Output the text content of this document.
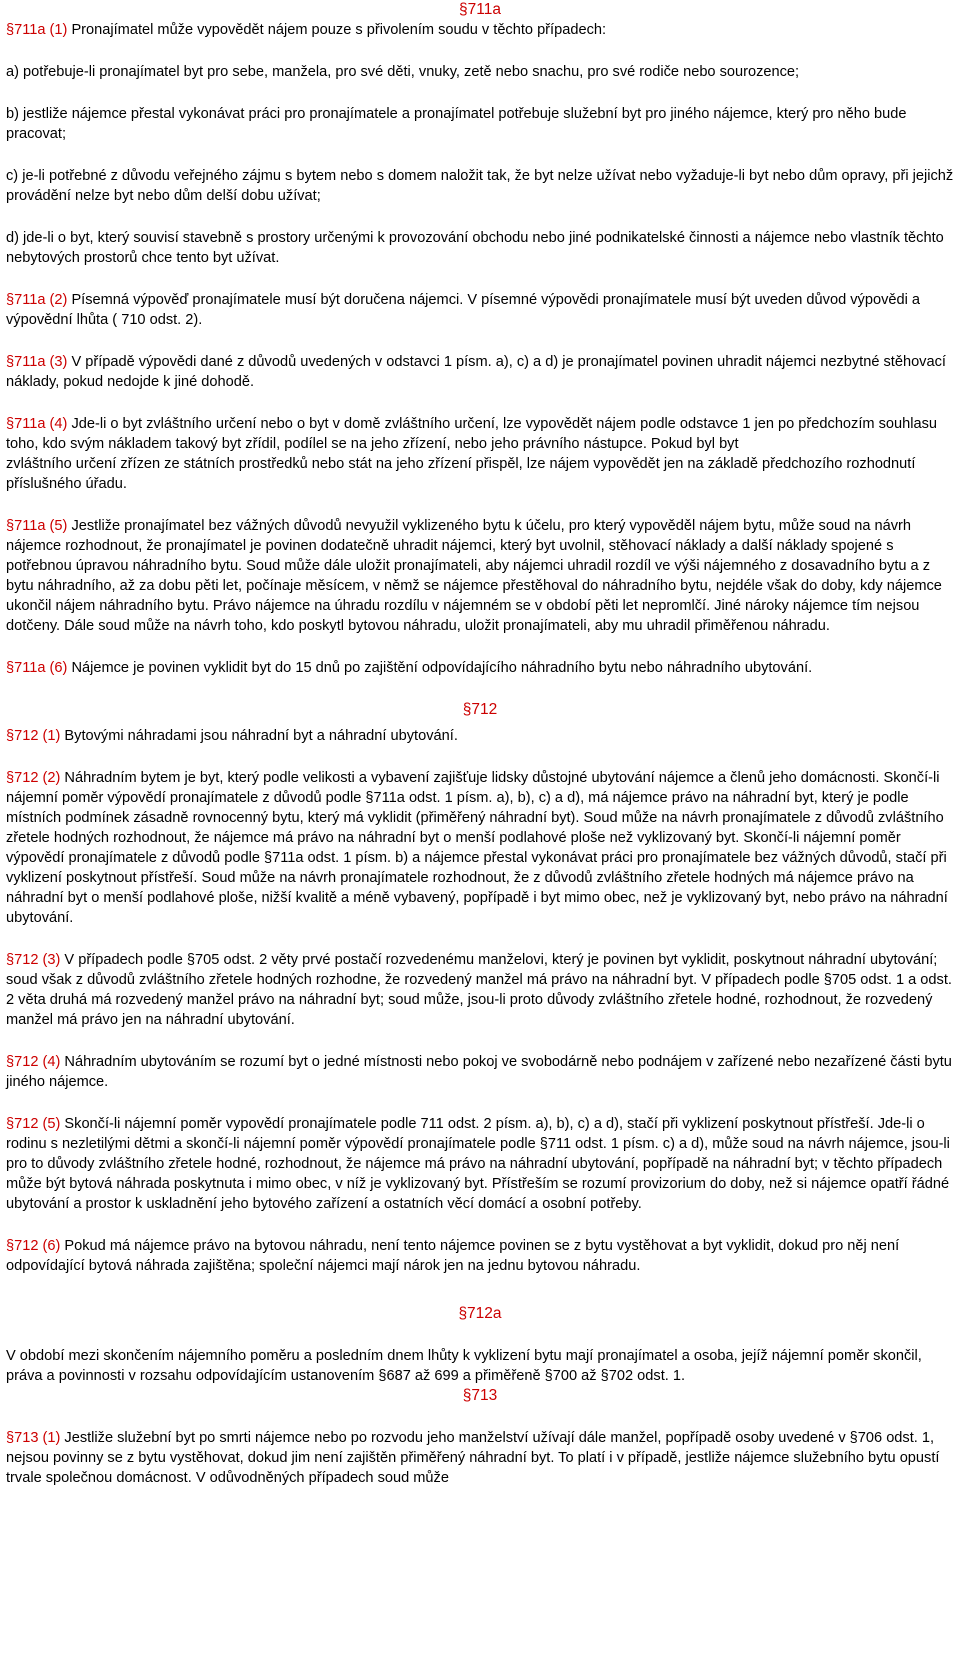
§711a

§711a (1) Pronajímatel může vypovědět nájem pouze s přivolením soudu v těchto případech:

a) potřebuje-li pronajímatel byt pro sebe, manžela, pro své děti, vnuky, zetě nebo snachu, pro své rodiče nebo sourozence;

b) jestliže nájemce přestal vykonávat práci pro pronajímatele a pronajímatel potřebuje služební byt pro jiného nájemce, který pro něho bude pracovat;

c) je-li potřebné z důvodu veřejného zájmu s bytem nebo s domem naložit tak, že byt nelze užívat nebo vyžaduje-li byt nebo dům opravy, při jejichž provádění nelze byt nebo dům delší dobu užívat;

d) jde-li o byt, který souvisí stavebně s prostory určenými k provozování obchodu nebo jiné podnikatelské činnosti a nájemce nebo vlastník těchto nebytových prostorů chce tento byt užívat.

§711a (2) Písemná výpověď pronajímatele musí být doručena nájemci. V písemné výpovědi pronajímatele musí být uveden důvod výpovědi a výpovědní lhůta ( 710 odst. 2).

§711a (3) V případě výpovědi dané z důvodů uvedených v odstavci 1 písm. a), c) a d) je pronajímatel povinen uhradit nájemci nezbytné stěhovací náklady, pokud nedojde k jiné dohodě.

§711a (4) Jde-li o byt zvláštního určení nebo o byt v domě zvláštního určení, lze vypovědět nájem podle odstavce 1 jen po předchozím souhlasu toho, kdo svým nákladem takový byt zřídil, podílel se na jeho zřízení, nebo jeho právního nástupce. Pokud byl byt
zvláštního určení zřízen ze státních prostředků nebo stát na jeho zřízení přispěl, lze nájem vypovědět jen na základě předchozího rozhodnutí příslušného úřadu.

§711a (5) Jestliže pronajímatel bez vážných důvodů nevyužil vyklizeného bytu k účelu, pro který vypověděl nájem bytu, může soud na návrh nájemce rozhodnout, že pronajímatel je povinen dodatečně uhradit nájemci, který byt uvolnil, stěhovací náklady a další náklady spojené s potřebnou úpravou náhradního bytu. Soud může dále uložit pronajímateli, aby nájemci uhradil rozdíl ve výši nájemného z dosavadního bytu a z bytu náhradního, až za dobu pěti let, počínaje měsícem, v němž se nájemce přestěhoval do náhradního bytu, nejdéle však do doby, kdy nájemce ukončil nájem náhradního bytu. Právo nájemce na úhradu rozdílu v nájemném se v období pěti let nepromlčí. Jiné nároky nájemce tím nejsou dotčeny. Dále soud může na návrh toho, kdo poskytl bytovou náhradu, uložit pronajímateli, aby mu uhradil přiměřenou náhradu.

§711a (6) Nájemce je povinen vyklidit byt do 15 dnů po zajištění odpovídajícího náhradního bytu nebo náhradního ubytování.

§712

§712 (1) Bytovými náhradami jsou náhradní byt a náhradní ubytování.

§712 (2) Náhradním bytem je byt, který podle velikosti a vybavení zajišťuje lidsky důstojné ubytování nájemce a členů jeho domácnosti. Skončí-li nájemní poměr výpovědí pronajímatele z důvodů podle §711a odst. 1 písm. a), b), c) a d), má nájemce právo na náhradní byt, který je podle místních podmínek zásadně rovnocenný bytu, který má vyklidit (přiměřený náhradní byt). Soud může na návrh pronajímatele z důvodů zvláštního zřetele hodných rozhodnout, že nájemce má právo na náhradní byt o menší podlahové ploše než vyklizovaný byt. Skončí-li nájemní poměr výpovědí pronajímatele z důvodů podle §711a odst. 1 písm. b) a nájemce přestal vykonávat práci pro pronajímatele bez vážných důvodů, stačí při vyklizení poskytnout přístřeší. Soud může na návrh pronajímatele rozhodnout, že z důvodů zvláštního zřetele hodných má nájemce právo na náhradní byt o menší podlahové ploše, nižší kvalitě a méně vybavený, popřípadě i byt mimo obec, než je vyklizovaný byt, nebo právo na náhradní ubytování.

§712 (3) V případech podle §705 odst. 2 věty prvé postačí rozvedenému manželovi, který je povinen byt vyklidit, poskytnout náhradní ubytování; soud však z důvodů zvláštního zřetele hodných rozhodne, že rozvedený manžel má právo na náhradní byt. V případech podle §705 odst. 1 a odst. 2 věta druhá má rozvedený manžel právo na náhradní byt; soud může, jsou-li proto důvody zvláštního zřetele hodné, rozhodnout, že rozvedený manžel má právo jen na náhradní ubytování.

§712 (4) Náhradním ubytováním se rozumí byt o jedné místnosti nebo pokoj ve svobodárně nebo podnájem v zařízené nebo nezařízené části bytu jiného nájemce.

§712 (5) Skončí-li nájemní poměr vypovědí pronajímatele podle 711 odst. 2 písm. a), b), c) a d), stačí při vyklizení poskytnout přístřeší. Jde-li o rodinu s nezletilými dětmi a skončí-li nájemní poměr výpovědí pronajímatele podle §711 odst. 1 písm. c) a d), může soud na návrh nájemce, jsou-li pro to důvody zvláštního zřetele hodné, rozhodnout, že nájemce má právo na náhradní ubytování, popřípadě na náhradní byt; v těchto případech může být bytová náhrada poskytnuta i mimo obec, v níž je vyklizovaný byt. Přístřeším se rozumí provizorium do doby, než si nájemce opatří řádné ubytování a prostor k uskladnění jeho bytového zařízení a ostatních věcí domácí a osobní potřeby.

§712 (6) Pokud má nájemce právo na bytovou náhradu, není tento nájemce povinen se z bytu vystěhovat a byt vyklidit, dokud pro něj není odpovídající bytová náhrada zajištěna; společní nájemci mají nárok jen na jednu bytovou náhradu.

§712a

V období mezi skončením nájemního poměru a posledním dnem lhůty k vyklizení bytu mají pronajímatel a osoba, jejíž nájemní poměr skončil, práva a povinnosti v rozsahu odpovídajícím ustanovením §687 až 699 a přiměřeně §700 až §702 odst. 1.

§713

§713 (1) Jestliže služební byt po smrti nájemce nebo po rozvodu jeho manželství užívají dále manžel, popřípadě osoby uvedené v §706 odst. 1, nejsou povinny se z bytu vystěhovat, dokud jim není zajištěn přiměřený náhradní byt. To platí i v případě, jestliže nájemce služebního bytu opustí trvale společnou domácnost. V odůvodněných případech soud může
